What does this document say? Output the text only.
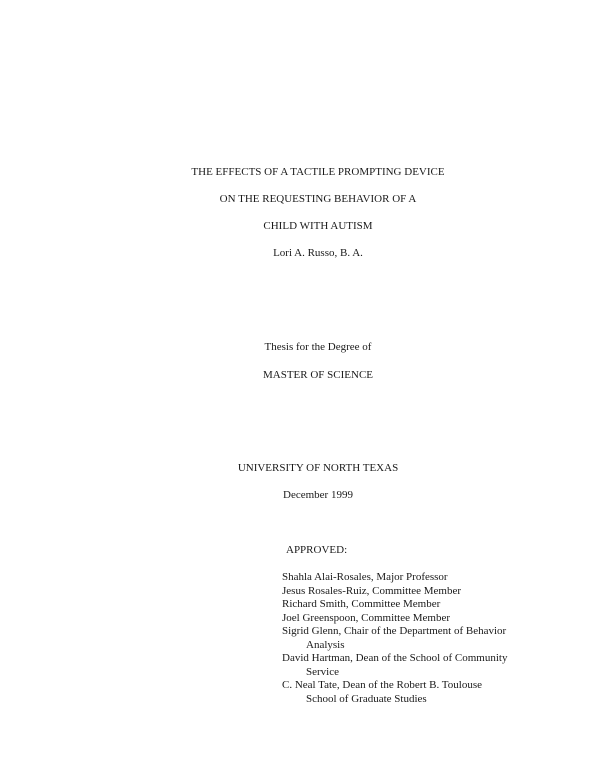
THE EFFECTS OF A TACTILE PROMPTING DEVICE
ON THE REQUESTING BEHAVIOR OF A
CHILD WITH AUTISM
Lori A. Russo, B. A.
Thesis for the Degree of
MASTER OF SCIENCE
UNIVERSITY OF NORTH TEXAS
December 1999
APPROVED:
Shahla Alai-Rosales, Major Professor
Jesus Rosales-Ruiz, Committee Member
Richard Smith, Committee Member
Joel Greenspoon, Committee Member
Sigrid Glenn, Chair of the Department of Behavior
Analysis
David Hartman, Dean of the School of Community
Service
C. Neal Tate, Dean of the Robert B. Toulouse
School of Graduate Studies
